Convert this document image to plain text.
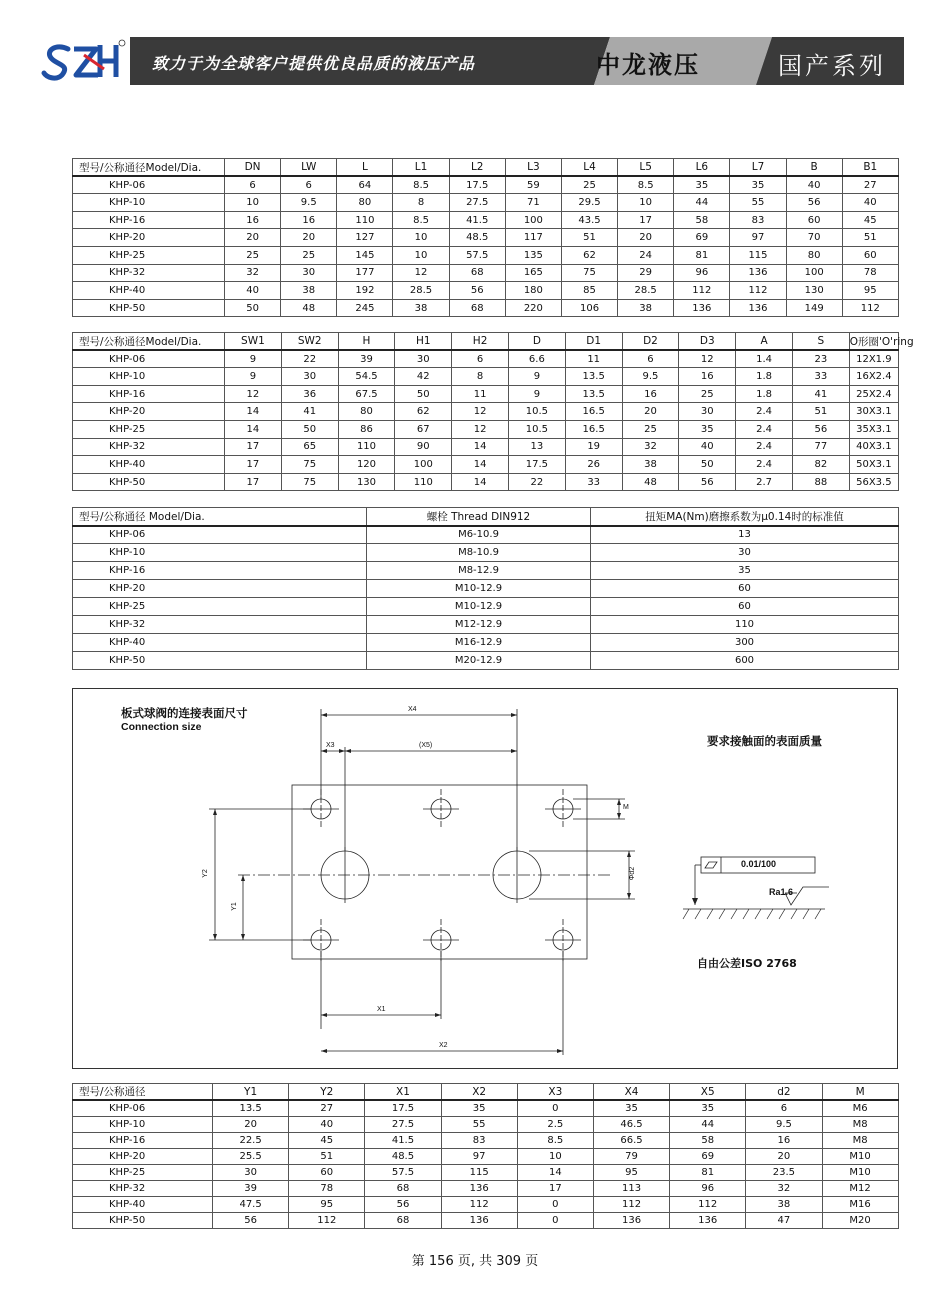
致力于为全球客户提供优良品质的液压产品	中龙液压	国产系列
型号/公称通径Model/Dia.	DN	LW	L	L1	L2	L3	L4	L5	L6	L7	B	B1
KHP-06	6	6	64	8.5	17.5	59	25	8.5	35	35	40	27
KHP-10	10	9.5	80	8	27.5	71	29.5	10	44	55	56	40
KHP-16	16	16	110	8.5	41.5	100	43.5	17	58	83	60	45
KHP-20	20	20	127	10	48.5	117	51	20	69	97	70	51
KHP-25	25	25	145	10	57.5	135	62	24	81	115	80	60
KHP-32	32	30	177	12	68	165	75	29	96	136	100	78
KHP-40	40	38	192	28.5	56	180	85	28.5	112	112	130	95
KHP-50	50	48	245	38	68	220	106	38	136	136	149	112
型号/公称通径Model/Dia.	SW1	SW2	H	H1	H2	D	D1	D2	D3	A	S	O形圈'O'ring
KHP-06	9	22	39	30	6	6.6	11	6	12	1.4	23	12X1.9
KHP-10	9	30	54.5	42	8	9	13.5	9.5	16	1.8	33	16X2.4
KHP-16	12	36	67.5	50	11	9	13.5	16	25	1.8	41	25X2.4
KHP-20	14	41	80	62	12	10.5	16.5	20	30	2.4	51	30X3.1
KHP-25	14	50	86	67	12	10.5	16.5	25	35	2.4	56	35X3.1
KHP-32	17	65	110	90	14	13	19	32	40	2.4	77	40X3.1
KHP-40	17	75	120	100	14	17.5	26	38	50	2.4	82	50X3.1
KHP-50	17	75	130	110	14	22	33	48	56	2.7	88	56X3.5
型号/公称通径 Model/Dia.	螺栓 Thread DIN912	扭矩MA(Nm)磨擦系数为μ0.14时的标准值
KHP-06	M6-10.9	13
KHP-10	M8-10.9	30
KHP-16	M8-12.9	35
KHP-20	M10-12.9	60
KHP-25	M10-12.9	60
KHP-32	M12-12.9	110
KHP-40	M16-12.9	300
KHP-50	M20-12.9	600
板式球阀的连接表面尺寸
Connection size
要求接触面的表面质量
0.01/100
Ra1.6
自由公差ISO 2768
X4
X3	(X5)
X1
X2
Y2
Y1
M
Φd2
型号/公称通径	Y1	Y2	X1	X2	X3	X4	X5	d2	M
KHP-06	13.5	27	17.5	35	0	35	35	6	M6
KHP-10	20	40	27.5	55	2.5	46.5	44	9.5	M8
KHP-16	22.5	45	41.5	83	8.5	66.5	58	16	M8
KHP-20	25.5	51	48.5	97	10	79	69	20	M10
KHP-25	30	60	57.5	115	14	95	81	23.5	M10
KHP-32	39	78	68	136	17	113	96	32	M12
KHP-40	47.5	95	56	112	0	112	112	38	M16
KHP-50	56	112	68	136	0	136	136	47	M20
第 156 页, 共 309 页
